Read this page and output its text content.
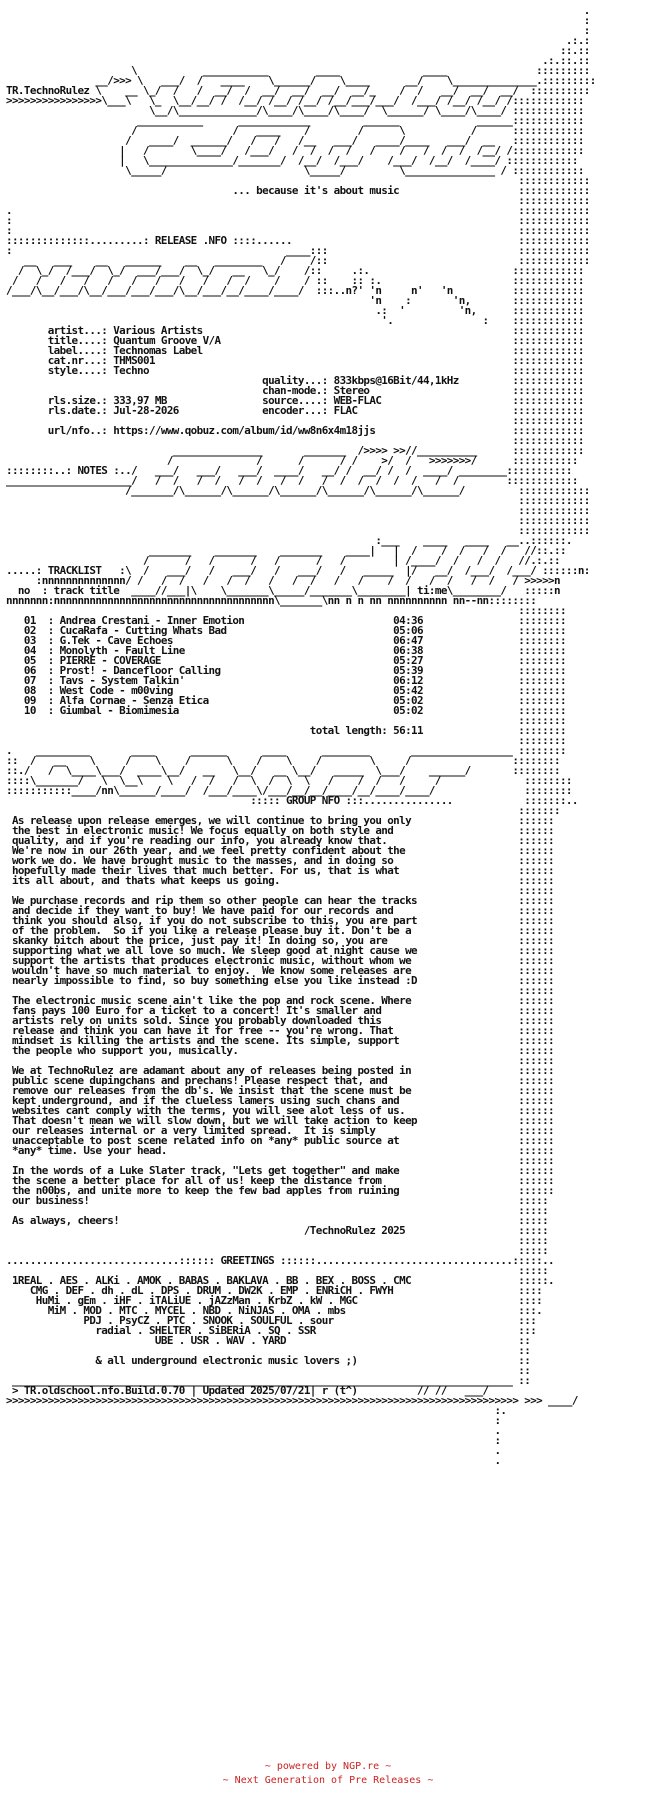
.
:
:
.:.:
::.::
.:.::.::
\           ___________        ____              ____               :::::::::
__/>>> \   ___/  /   ____    \______/    \____      __/    \______________.:::::::::
TR.TechnoRulez \    __ \_/  /   /  __/  /  __/  __/  __/  __/_    /  /   __/  __/  __/  ::::::::::
>>>>>>>>>>>>>>>>\___\   \_  \__/__/ /  /__/ /__/ /__/ /__/___/___/  /___/ /__/ /__/ /::::::::::::
\__/\_____________/\____/\____/\____/  \______/ \____/\____/ ::::::::::::
___________      ____________         ______             ______::::::::::::
/                /   ____    /        /      \           /      ::::::::::::
/   ____/  ______/   /   /   /__   ___/   ____/____   ___/  __   ::::::::::::
|   /       \____/   /___/   /  /  /  /   /    /   /  /  /  /__/ /::::::::::::
|   \______________/_______/  /__/  /___/    /___/  /__/  /____/ ::::::::::::
\_____/                       \_____/         \_______________ / ::::::::::::
::::::::::::
... because it's about music                    ::::::::::::
::::::::::::
.                                                                                     ::::::::::::
:                                                                                     ::::::::::::
:                                                                                     ::::::::::::
::::::::::::::.........: RELEASE .NFO ::::......                                      ::::::::::::
:                                              ____:::                                ::::::::::::
__   ___    __   ______    __   ________   /    /::                                ::::::::::::
/  \_/  /___/  \_/  ___/___/  \_/   __   \_/    /::     .:.                        ::::::::::::
/   /   /   /   /   /   /   /   /   /  /    /    / ::    :: :.                      ::::::::::::
/___/\__/___/\__/___/___/___/\__/___/__/____/____/  :::..n?' 'n     n'   'n          ::::::::::::
'n    :       'n,       ::::::::::::
.:  '         'n,      ::::::::::::
'.               :    ::::::::::::
artist...: Various Artists                                                    ::::::::::::
title....: Quantum Groove V/A                                                 ::::::::::::
label....: Technomas Label                                                    ::::::::::::
cat.nr...: THMS001                                                            ::::::::::::
style....: Techno                                                             ::::::::::::
quality...: 833kbps@16Bit/44,1kHz         ::::::::::::
chan-mode.: Stereo                        ::::::::::::
rls.size.: 333,97 MB                source....: WEB-FLAC                      ::::::::::::
rls.date.: Jul-28-2026              encoder...: FLAC                          ::::::::::::
::::::::::::
url/nfo..: https://www.qobuz.com/album/id/ww8n6x4m18jjs                       ::::::::::::
::::::::::::
_______________       _______  />>>> >>//__________      ::::::::::::
/              /      /      / /    >/  /   >>>>>>>/      :::::::::::
::::::::..: NOTES :../   ___/   ___/   ___/  ____/   __/ /  __/ /  /  ____/ ________:::::::::::
_____________________/   /  /   /  /   /  /   /  /   /  /  /  /  /  /   /  /        ::::::::::::
/_______/\______/\______/\______/\______/\______/\______/         ::::::::::::
::::::::::::
::::::::::::
::::::::::::
::::::::::::
:___    ____   ____   __..::::::.
_______    _______    _______    ____|   |  /    /  /   /  /   //::.::
/      /   /      /   /      /   /        | /____/  /   /  /   //.:.::
.....: TRACKLIST   :\  /   ___/   /   ___/   /   ___/   /   _____  |/   __/  /___/  /___/ ::::::n:
:nnnnnnnnnnnnnn/ /   /  /   /   /  /   /   /  /   /   /    /  /   /  /   /  /   / >>>>>n
no  : track title  ____//___|\    \_______\_____/_______\________| ti:me\________/   :::::n
nnnnnnn:nnnnnnnnnnnnnnnnnnnnnnnnnnnnnnnnnnnnn\_______\nn n n nn nnnnnnnnnn nn--nn::::::::
::::::::
01  : Andrea Crestani - Inner Emotion                         04:36                ::::::::
02  : CucaRafa - Cutting Whats Bad                            05:06                ::::::::
03  : G.Tek - Cave Echoes                                     06:47                ::::::::
04  : Monolyth - Fault Line                                   06:38                ::::::::
05  : PIERRE - COVERAGE                                       05:27                ::::::::
06  : Prost! - Dancefloor Calling                             05:39                ::::::::
07  : Tavs - System Talkin'                                   06:12                ::::::::
08  : West Code - m00ving                                     05:42                ::::::::
09  : Alfa Cornae - Senza Etica                               05:02                ::::::::
10  : Giumbal - Biomimesia                                    05:02                ::::::::
::::::::
total length: 56:11                ::::::::
::::::::
.    _________       ____      ______      ____      ________       _________________ ::::::::
::  /   __    \     /    \    /      \    /    \    /        \     /                 ::::::::
::./   /  \____\___/  ____\__/   __   \__/   __ \__/   _____  \___/    ______/       ::::::::
::::\_______/   \  \__\    \   /  /   /  \  /  \  \   /    /  /   /     /              ::::::::
:::::::::::____/nn\______/____/  /___/____\/___/__/__/____/__/____/____/               ::::::::
::::: GROUP NFO :::...............            :::::::..
:::::::
As release upon release emerges, we will continue to bring you only                  ::::::
the best in electronic music! We focus equally on both style and                     ::::::
quality, and if you're reading our info, you already know that.                      ::::::
We're now in our 26th year, and we feel pretty confident about the                   ::::::
work we do. We have brought music to the masses, and in doing so                     ::::::
hopefully made their lives that much better. For us, that is what                    ::::::
its all about, and thats what keeps us going.                                        ::::::
::::::
We purchase records and rip them so other people can hear the tracks                 ::::::
and decide if they want to buy! We have paid for our records and                     ::::::
think you should also, if you do not subscribe to this, you are part                 ::::::
of the problem.  So if you like a release please buy it. Don't be a                  ::::::
skanky bitch about the price, just pay it! In doing so, you are                      ::::::
supporting what we all love so much. We sleep good at night cause we                 ::::::
support the artists that produces electronic music, without whom we                  ::::::
wouldn't have so much material to enjoy.  We know some releases are                  ::::::
nearly impossible to find, so buy something else you like instead :D                 ::::::
::::::
The electronic music scene ain't like the pop and rock scene. Where                  ::::::
fans pays 100 Euro for a ticket to a concert! It's smaller and                       ::::::
artists rely on units sold. Since you probably downloaded this                       ::::::
release and think you can have it for free -- you're wrong. That                     ::::::
mindset is killing the artists and the scene. Its simple, support                    ::::::
the people who support you, musically.                                               ::::::
::::::
We at TechnoRulez are adamant about any of releases being posted in                  ::::::
public scene dupingchans and prechans! Please respect that, and                      ::::::
remove our releases from the db's. We insist that the scene must be                  ::::::
kept underground, and if the clueless lamers using such chans and                    ::::::
websites cant comply with the terms, you will see alot less of us.                   ::::::
That doesn't mean we will slow down, but we will take action to keep                 ::::::
our releases internal or a very limited spread.  It is simply                        ::::::
unacceptable to post scene related info on *any* public source at                    ::::::
*any* time. Use your head.                                                           ::::::
::::::
In the words of a Luke Slater track, "Lets get together" and make                    ::::::
the scene a better place for all of us! keep the distance from                       ::::::
the n00bs, and unite more to keep the few bad apples from ruining                    ::::::
our business!                                                                        :::::
:::::
As always, cheers!                                                                   :::::
/TechnoRulez 2025                   :::::
:::::
:::::
.............................:::::: GREETINGS ::::::.................................:::::..
:::::
1REAL . AES . ALKi . AMOK . BABAS . BAKLAVA . BB . BEX . BOSS . CMC                  :::::.
CMG . DEF . dh . dL . DPS . DRUM . DW2K . EMP . ENRiCH . FWYH                     ::::
HuMi . gEm . iHF . iTALiUE . jAZzMan . KrbZ . kW . MGC                           ::::
MiM . MOD . MTC . MYCEL . NBD . NiNJAS . OMA . mbs                             :::.
PDJ . PsyCZ . PTC . SNOOK . SOULFUL . sour                               :::
radial . SHELTER . SiBERiA . SQ . SSR                                  :::
UBE . USR . WAV . YARD                                       ::
::
& all underground electronic music lovers ;)                           ::
::
____________________________________________________________________________________ ::
> TR.oldschool.nfo.Build.0.70 | Updated 2025/07/21| r (t^)          // //   ___/
>>>>>>>>>>>>>>>>>>>>>>>>>>>>>>>>>>>>>>>>>>>>>>>>>>>>>>>>>>>>>>>>>>>>>>>>>>>>>>>>>>>>>> >>> ____/
:.
:
.
:
.
.
~ powered by NGP.re ~
~ Next Generation of Pre Releases ~
